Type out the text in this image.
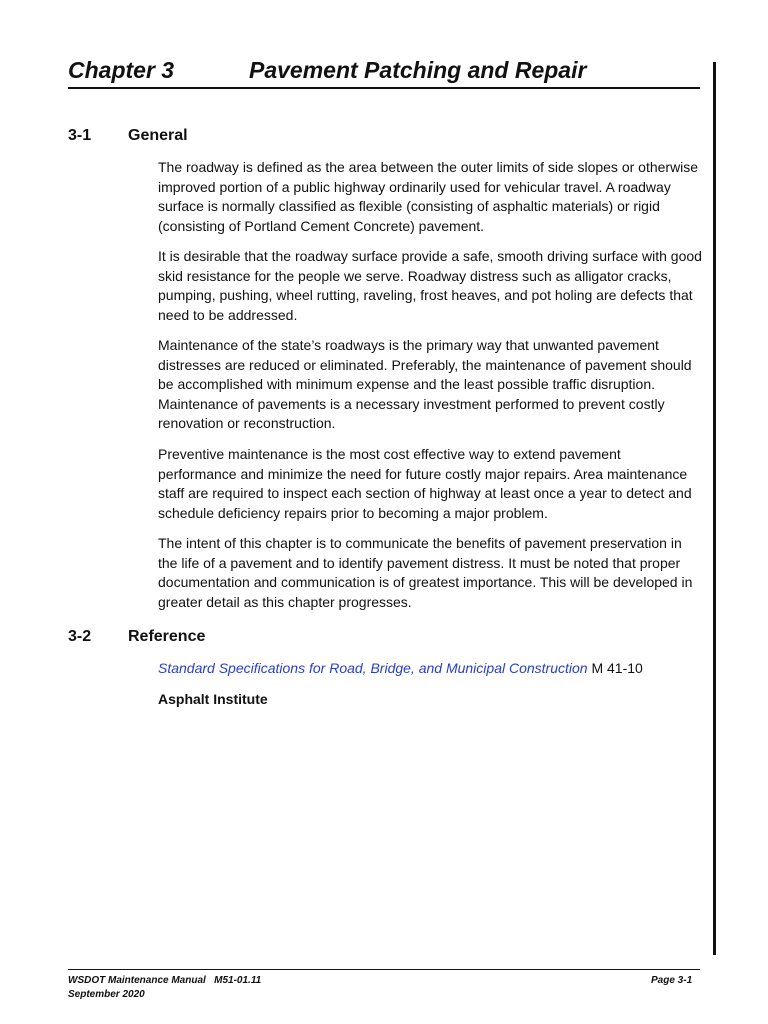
Chapter 3	Pavement Patching and Repair
3-1 General

The roadway is defined as the area between the outer limits of side slopes or otherwise improved portion of a public highway ordinarily used for vehicular travel. A roadway surface is normally classified as flexible (consisting of asphaltic materials) or rigid (consisting of Portland Cement Concrete) pavement.

It is desirable that the roadway surface provide a safe, smooth driving surface with good skid resistance for the people we serve. Roadway distress such as alligator cracks, pumping, pushing, wheel rutting, raveling, frost heaves, and pot holing are defects that need to be addressed.

Maintenance of the state’s roadways is the primary way that unwanted pavement distresses are reduced or eliminated. Preferably, the maintenance of pavement should be accomplished with minimum expense and the least possible traffic disruption. Maintenance of pavements is a necessary investment performed to prevent costly renovation or reconstruction.

Preventive maintenance is the most cost effective way to extend pavement performance and minimize the need for future costly major repairs. Area maintenance staff are required to inspect each section of highway at least once a year to detect and schedule deficiency repairs prior to becoming a major problem.

The intent of this chapter is to communicate the benefits of pavement preservation in the life of a pavement and to identify pavement distress. It must be noted that proper documentation and communication is of greatest importance. This will be developed in greater detail as this chapter progresses.

3-2 Reference

Standard Specifications for Road, Bridge, and Municipal Construction M 41-10

Asphalt Institute

WSDOT Maintenance Manual   M51-01.11
September 2020
Page 3-1
